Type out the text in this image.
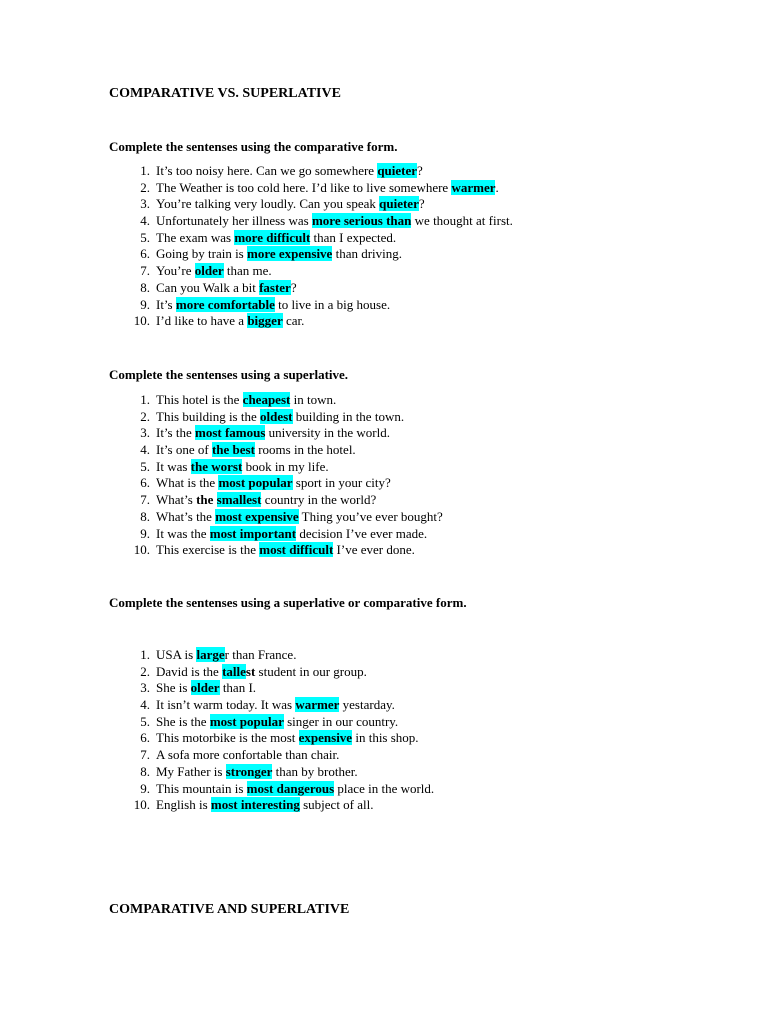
COMPARATIVE VS. SUPERLATIVE

Complete the sentenses using the comparative form.

1. It’s too noisy here. Can we go somewhere quieter?
2. The Weather is too cold here. I’d like to live somewhere warmer.
3. You’re talking very loudly. Can you speak quieter?
4. Unfortunately her illness was more serious than we thought at first.
5. The exam was more difficult than I expected.
6. Going by train is more expensive than driving.
7. You’re older than me.
8. Can you Walk a bit faster?
9. It’s more comfortable to live in a big house.
10. I’d like to have a bigger car.

Complete the sentenses using a superlative.

1. This hotel is the cheapest in town.
2. This building is the oldest building in the town.
3. It’s the most famous university in the world.
4. It’s one of the best rooms in the hotel.
5. It was the worst book in my life.
6. What is the most popular sport in your city?
7. What’s the smallest country in the world?
8. What’s the most expensive Thing you’ve ever bought?
9. It was the most important decision I’ve ever made.
10. This exercise is the most difficult I’ve ever done.

Complete the sentenses using a superlative or comparative form.

1. USA is larger than France.
2. David is the tallest student in our group.
3. She is older than I.
4. It isn’t warm today. It was warmer yestarday.
5. She is the most popular singer in our country.
6. This motorbike is the most expensive in this shop.
7. A sofa more confortable than chair.
8. My Father is stronger than by brother.
9. This mountain is most dangerous place in the world.
10. English is most interesting subject of all.
COMPARATIVE AND SUPERLATIVE
